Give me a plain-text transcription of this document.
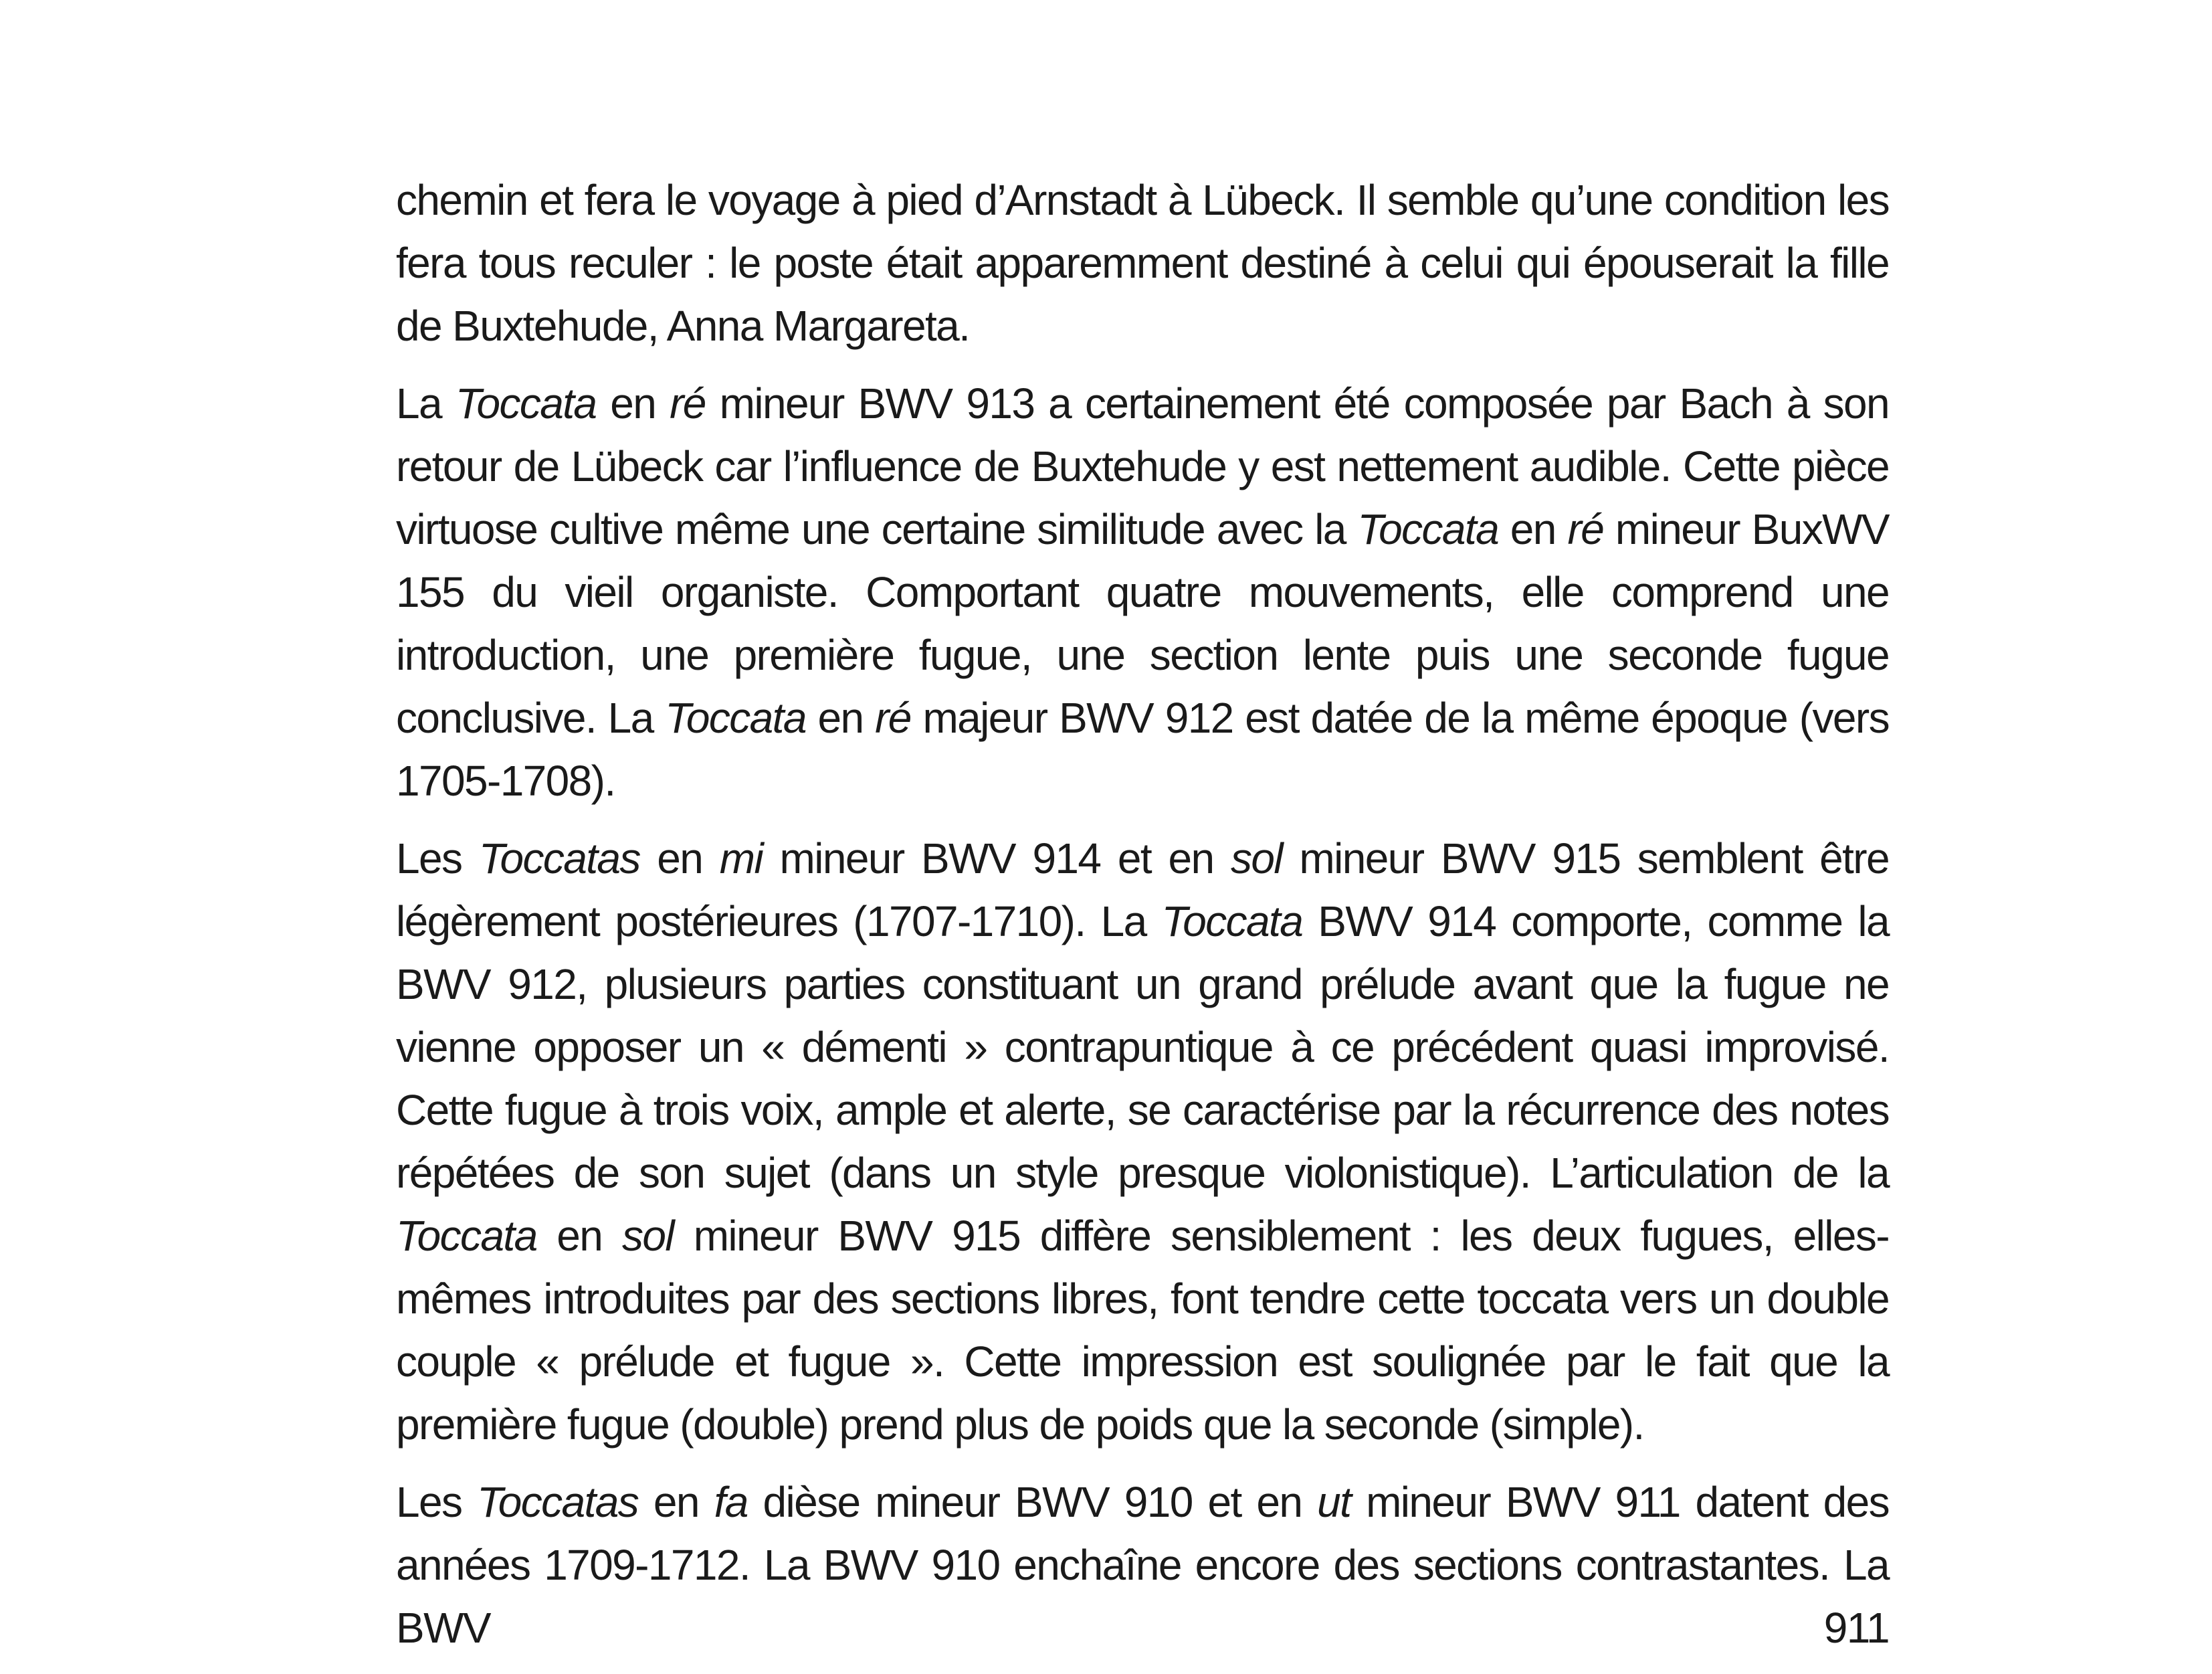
chemin et fera le voyage à pied d’Arnstadt à Lübeck. Il semble qu’une condition les fera tous reculer : le poste était apparemment destiné à celui qui épouserait la fille de Buxtehude, Anna Margareta.

La Toccata en ré mineur BWV 913 a certainement été composée par Bach à son retour de Lübeck car l’influence de Buxtehude y est nettement audible. Cette pièce virtuose cultive même une certaine similitude avec la Toccata en ré mineur BuxWV 155 du vieil organiste. Comportant quatre mouvements, elle comprend une introduction, une première fugue, une section lente puis une seconde fugue conclusive. La Toccata en ré majeur BWV 912 est datée de la même époque (vers 1705-1708).

Les Toccatas en mi mineur BWV 914 et en sol mineur BWV 915 semblent être légèrement postérieures (1707-1710). La Toccata BWV 914 comporte, comme la BWV 912, plusieurs parties constituant un grand prélude avant que la fugue ne vienne opposer un « démenti » contrapuntique à ce précédent quasi improvisé. Cette fugue à trois voix, ample et alerte, se caractérise par la récurrence des notes répétées de son sujet (dans un style presque violonistique). L’articulation de la Toccata en sol mineur BWV 915 diffère sensiblement : les deux fugues, elles-mêmes introduites par des sections libres, font tendre cette toccata vers un double couple « prélude et fugue ». Cette impression est soulignée par le fait que la première fugue (double) prend plus de poids que la seconde (simple).

Les Toccatas en fa dièse mineur BWV 910 et en ut mineur BWV 911 datent des années 1709-1712. La BWV 910 enchaîne encore des sections contrastantes. La BWV 911
